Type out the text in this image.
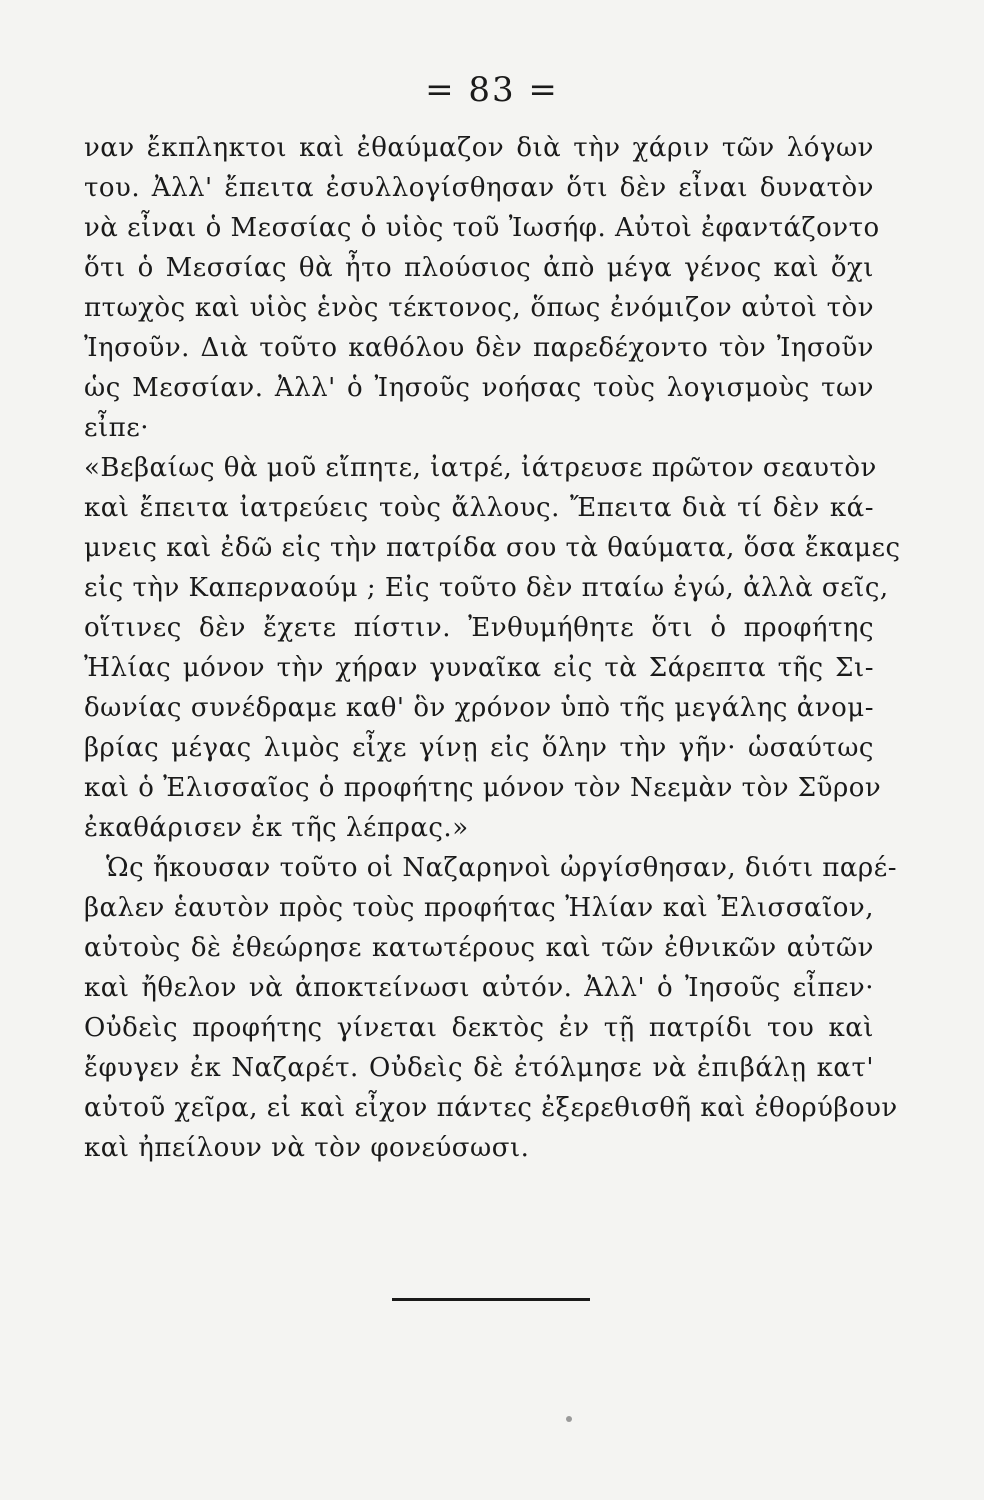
= 83 =
ναν ἔκπληκτοι καὶ ἐθαύμαζον διὰ τὴν χάριν τῶν λόγων
του. Ἀλλ' ἔπειτα ἐσυλλογίσθησαν ὅτι δὲν εἶναι δυνατὸν
νὰ εἶναι ὁ Μεσσίας ὁ υἱὸς τοῦ Ἰωσήφ. Αὐτοὶ ἐφαντάζοντο
ὅτι ὁ Μεσσίας θὰ ἦτο πλούσιος ἀπὸ μέγα γένος καὶ ὄχι
πτωχὸς καὶ υἱὸς ἑνὸς τέκτονος, ὅπως ἐνόμιζον αὐτοὶ τὸν
Ἰησοῦν. Διὰ τοῦτο καθόλου δὲν παρεδέχοντο τὸν Ἰησοῦν
ὡς Μεσσίαν. Ἀλλ' ὁ Ἰησοῦς νοήσας τοὺς λογισμοὺς των
εἶπε·
«Βεβαίως θὰ μοῦ εἴπητε, ἰατρέ, ἰάτρευσε πρῶτον σεαυτὸν
καὶ ἔπειτα ἰατρεύεις τοὺς ἄλλους. Ἔπειτα διὰ τί δὲν κά-
μνεις καὶ ἐδῶ εἰς τὴν πατρίδα σου τὰ θαύματα, ὅσα ἔκαμες
εἰς τὴν Καπερναούμ ; Εἰς τοῦτο δὲν πταίω ἐγώ, ἀλλὰ σεῖς,
οἵτινες δὲν ἔχετε πίστιν. Ἐνθυμήθητε ὅτι ὁ προφήτης
Ἠλίας μόνον τὴν χήραν γυναῖκα εἰς τὰ Σάρεπτα τῆς Σι-
δωνίας συνέδραμε καθ' ὃν χρόνον ὑπὸ τῆς μεγάλης ἀνομ-
βρίας μέγας λιμὸς εἶχε γίνῃ εἰς ὅλην τὴν γῆν· ὡσαύτως
καὶ ὁ Ἐλισσαῖος ὁ προφήτης μόνον τὸν Νεεμὰν τὸν Σῦρον
ἐκαθάρισεν ἐκ τῆς λέπρας.»
Ὡς ἤκουσαν τοῦτο οἱ Ναζαρηνοὶ ὠργίσθησαν, διότι παρέ-
βαλεν ἑαυτὸν πρὸς τοὺς προφήτας Ἠλίαν καὶ Ἐλισσαῖον,
αὐτοὺς δὲ ἐθεώρησε κατωτέρους καὶ τῶν ἐθνικῶν αὐτῶν
καὶ ἤθελον νὰ ἀποκτείνωσι αὐτόν. Ἀλλ' ὁ Ἰησοῦς εἶπεν·
Οὐδεὶς προφήτης γίνεται δεκτὸς ἐν τῇ πατρίδι του καὶ
ἔφυγεν ἐκ Ναζαρέτ. Οὐδεὶς δὲ ἐτόλμησε νὰ ἐπιβάλῃ κατ'
αὐτοῦ χεῖρα, εἰ καὶ εἶχον πάντες ἐξερεθισθῆ καὶ ἐθορύβουν
καὶ ἠπείλουν νὰ τὸν φονεύσωσι.
